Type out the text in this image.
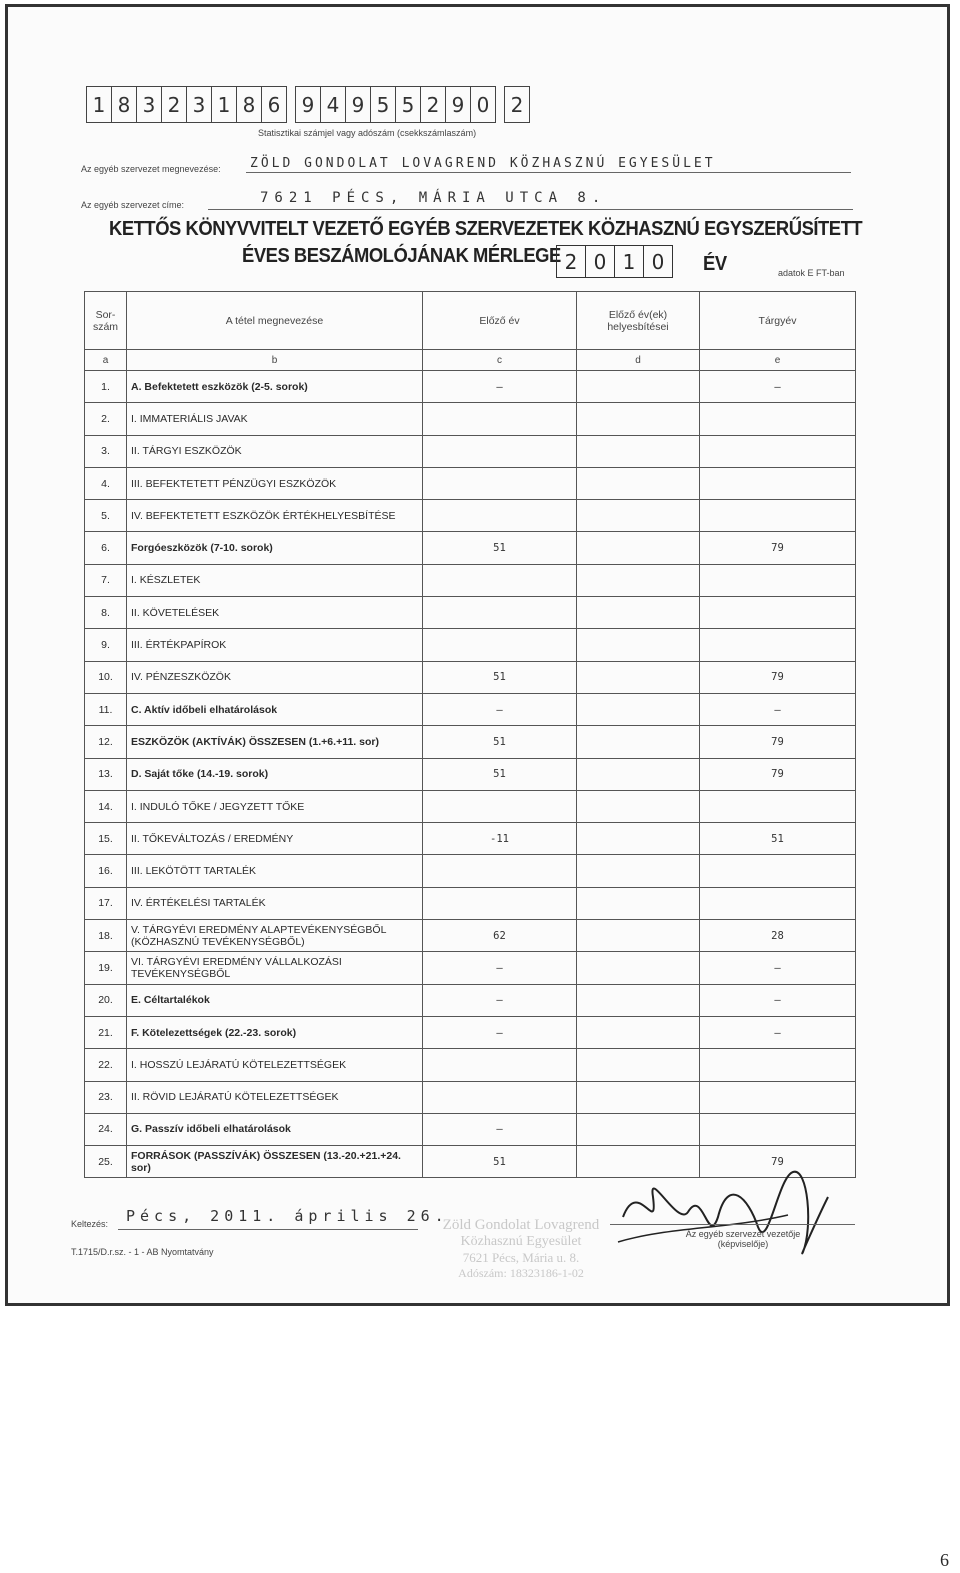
1 8 3 2 3 1 8 6	9 4 9 5 5 2 9 0	2
Statisztikai számjel vagy adószám (csekkszámlaszám)
Az egyéb szervezet megnevezése: ZÖLD GONDOLAT LOVAGREND KÖZHASZNÚ EGYESÜLET
Az egyéb szervezet címe:	7621 PÉCS, MÁRIA UTCA 8.
KETTŐS KÖNYVVITELT VEZETŐ EGYÉB SZERVEZETEK KÖZHASZNÚ EGYSZERŰSÍTETT
ÉVES BESZÁMOLÓJÁNAK MÉRLEGE 2 0 1 0	ÉV	adatok E FT-ban
Sor-szám	A tétel megnevezése	Előző év	Előző év(ek) helyesbítései	Tárgyév
a	b	c	d	e
1.	A. Befektetett eszközök (2-5. sorok)	—		—
2.	I. IMMATERIÁLIS JAVAK			
3.	II. TÁRGYI ESZKÖZÖK			
4.	III. BEFEKTETETT PÉNZÜGYI ESZKÖZÖK			
5.	IV. BEFEKTETETT ESZKÖZÖK ÉRTÉKHELYESBÍTÉSE			
6.	Forgóeszközök (7-10. sorok)	51		79
7.	I. KÉSZLETEK			
8.	II. KÖVETELÉSEK			
9.	III. ÉRTÉKPAPÍROK			
10.	IV. PÉNZESZKÖZÖK	51		79
11.	C. Aktív időbeli elhatárolások	—		—
12.	ESZKÖZÖK (AKTÍVÁK) ÖSSZESEN (1.+6.+11. sor)	51		79
13.	D. Saját tőke (14.-19. sorok)	51		79
14.	I. INDULÓ TŐKE / JEGYZETT TŐKE			
15.	II. TŐKEVÁLTOZÁS / EREDMÉNY	-11		51
16.	III. LEKÖTÖTT TARTALÉK			
17.	IV. ÉRTÉKELÉSI TARTALÉK			
18.	V. TÁRGYÉVI EREDMÉNY ALAPTEVÉKENYSÉGBŐL (KÖZHASZNÚ TEVÉKENYSÉGBŐL)	62		28
19.	VI. TÁRGYÉVI EREDMÉNY VÁLLALKOZÁSI TEVÉKENYSÉGBŐL	—		—
20.	E. Céltartalékok	—		—
21.	F. Kötelezettségek (22.-23. sorok)	—		—
22.	I. HOSSZÚ LEJÁRATÚ KÖTELEZETTSÉGEK			
23.	II. RÖVID LEJÁRATÚ KÖTELEZETTSÉGEK			
24.	G. Passzív időbeli elhatárolások	—		
25.	FORRÁSOK (PASSZÍVÁK) ÖSSZESEN (13.-20.+21.+24. sor)	51		79
Keltezés: Pécs, 2011. április 26.
T.1715/D.r.sz. - 1 - AB Nyomtatvány
Zöld Gondolat Lovagrend
Közhasznú Egyesület
7621 Pécs, Mária u. 8.
Adószám: 18323186-1-02
Az egyéb szervezet vezetője (képviselője)
6
